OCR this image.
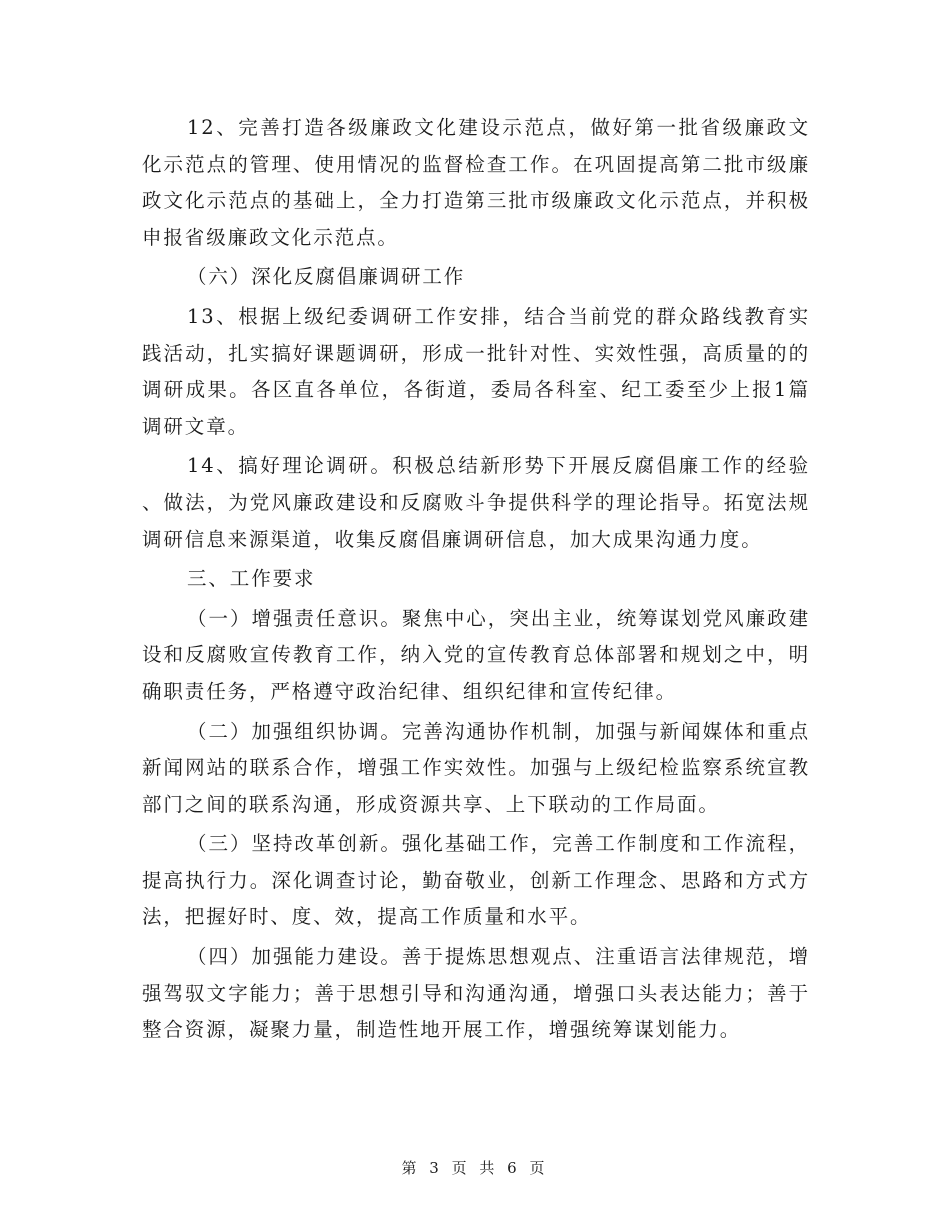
12、完善打造各级廉政文化建设示范点，做好第一批省级廉政文化示范点的管理、使用情况的监督检查工作。在巩固提高第二批市级廉政文化示范点的基础上，全力打造第三批市级廉政文化示范点，并积极申报省级廉政文化示范点。

（六）深化反腐倡廉调研工作

13、根据上级纪委调研工作安排，结合当前党的群众路线教育实践活动，扎实搞好课题调研，形成一批针对性、实效性强，高质量的的调研成果。各区直各单位，各街道，委局各科室、纪工委至少上报1篇调研文章。

14、搞好理论调研。积极总结新形势下开展反腐倡廉工作的经验、做法，为党风廉政建设和反腐败斗争提供科学的理论指导。拓宽法规调研信息来源渠道，收集反腐倡廉调研信息，加大成果沟通力度。

三、工作要求

（一）增强责任意识。聚焦中心，突出主业，统筹谋划党风廉政建设和反腐败宣传教育工作，纳入党的宣传教育总体部署和规划之中，明确职责任务，严格遵守政治纪律、组织纪律和宣传纪律。

（二）加强组织协调。完善沟通协作机制，加强与新闻媒体和重点新闻网站的联系合作，增强工作实效性。加强与上级纪检监察系统宣教部门之间的联系沟通，形成资源共享、上下联动的工作局面。

（三）坚持改革创新。强化基础工作，完善工作制度和工作流程，提高执行力。深化调查讨论，勤奋敬业，创新工作理念、思路和方式方法，把握好时、度、效，提高工作质量和水平。

（四）加强能力建设。善于提炼思想观点、注重语言法律规范，增强驾驭文字能力；善于思想引导和沟通沟通，增强口头表达能力；善于整合资源，凝聚力量，制造性地开展工作，增强统筹谋划能力。

第 3 页 共 6 页
